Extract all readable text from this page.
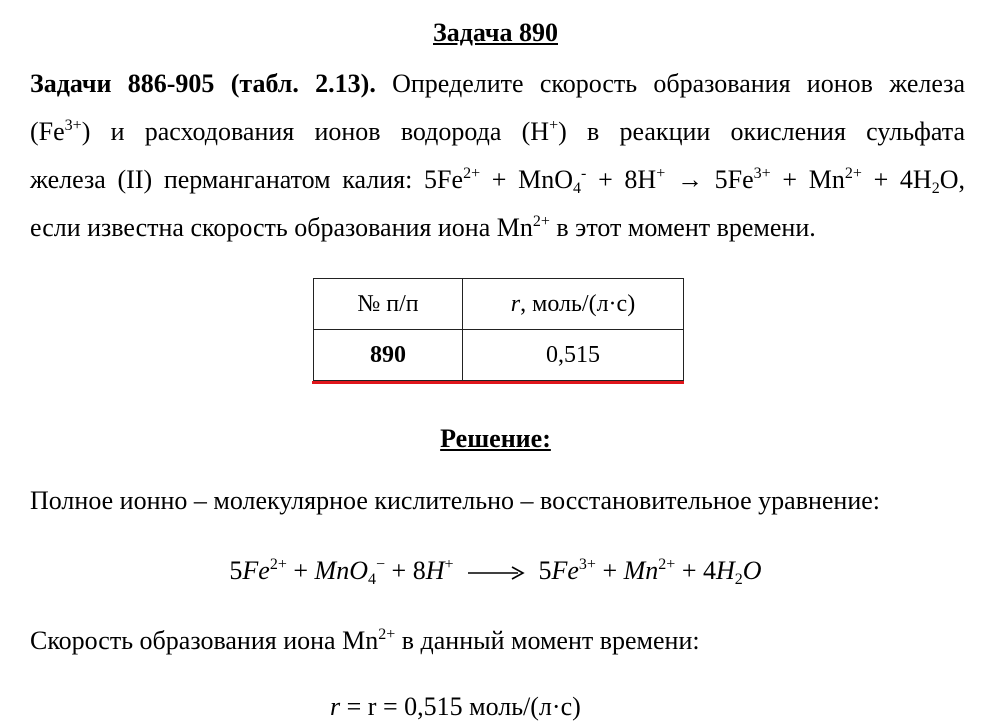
Задача 890
Задачи 886-905 (табл. 2.13). Определите скорость образования ионов железа
$(Fe^{3+})$ и расходования ионов водорода (H+) в реакции окисления сульфата
железа (II) перманганатом калия: $5Fe^{2+} + MnO_4^- + 8H^+ \to 5Fe^{3+} + Mn^{2+} + 4H_2O$,
если известна скорость образования иона $Mn^{2+}$ в этот момент времени.
№ п/п	r, моль/(л·с)
890	0,515
Решение:
Полное ионно – молекулярное кислительно – восстановительное уравнение:
$5Fe^{2+} + MnO_4^- + 8H^+ \to 5Fe^{3+} + Mn^{2+} + 4H_2O$
Скорость образования иона $Mn^{2+}$ в данный момент времени:
r = r = 0,515 моль/(л·с)
